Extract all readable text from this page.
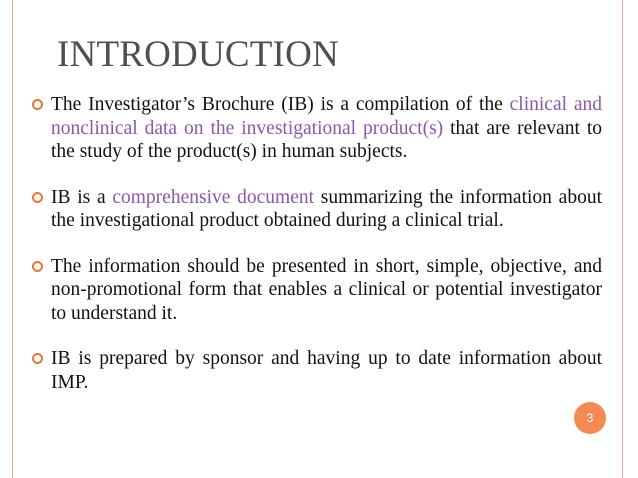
INTRODUCTION
The Investigator’s Brochure (IB) is a compilation of the clinical and nonclinical data on the investigational product(s) that are relevant to the study of the product(s) in human subjects.
IB is a comprehensive document summarizing the information about the investigational product obtained during a clinical trial.
The information should be presented in short, simple, objective, and non-promotional form that enables a clinical or potential investigator to understand it.
IB is prepared by sponsor and having up to date information about IMP.
3
